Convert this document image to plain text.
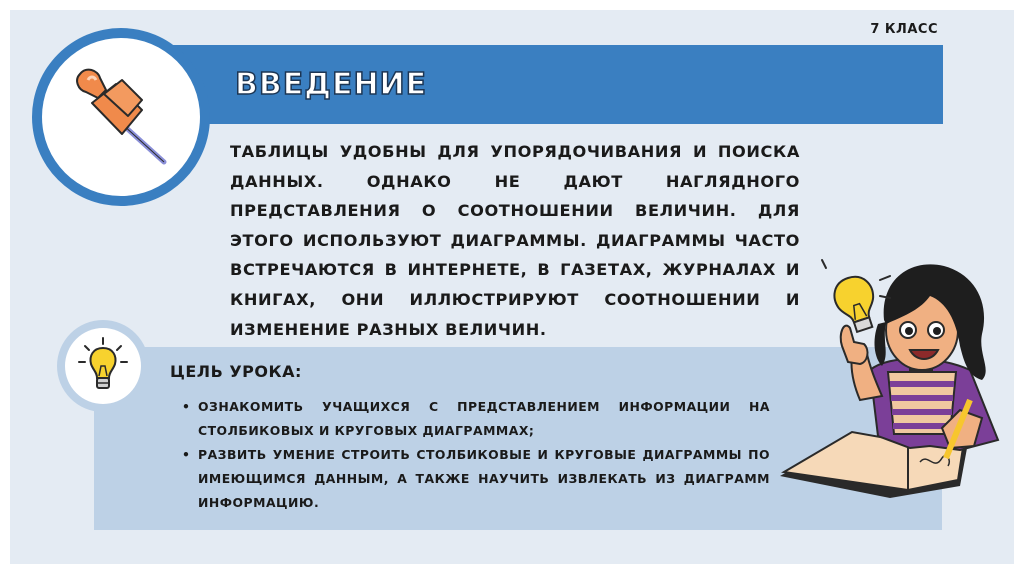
7 КЛАСС
ВВЕДЕНИЕ
ТАБЛИЦЫ УДОБНЫ ДЛЯ УПОРЯДОЧИВАНИЯ И ПОИСКА ДАННЫХ. ОДНАКО НЕ ДАЮТ НАГЛЯДНОГО ПРЕДСТАВЛЕНИЯ О СООТНОШЕНИИ ВЕЛИЧИН. ДЛЯ ЭТОГО ИСПОЛЬЗУЮТ ДИАГРАММЫ. ДИАГРАММЫ ЧАСТО ВСТРЕЧАЮТСЯ В ИНТЕРНЕТЕ, В ГАЗЕТАХ, ЖУРНАЛАХ И КНИГАХ, ОНИ ИЛЛЮСТРИРУЮТ СООТНОШЕНИИ И ИЗМЕНЕНИЕ РАЗНЫХ ВЕЛИЧИН.
ЦЕЛЬ УРОКА:
• ОЗНАКОМИТЬ УЧАЩИХСЯ С ПРЕДСТАВЛЕНИЕМ ИНФОРМАЦИИ НА СТОЛБИКОВЫХ И КРУГОВЫХ ДИАГРАММАХ;
• РАЗВИТЬ УМЕНИЕ СТРОИТЬ СТОЛБИКОВЫЕ И КРУГОВЫЕ ДИАГРАММЫ ПО ИМЕЮЩИМСЯ ДАННЫМ, А ТАКЖЕ НАУЧИТЬ ИЗВЛЕКАТЬ ИЗ ДИАГРАММ ИНФОРМАЦИЮ.
